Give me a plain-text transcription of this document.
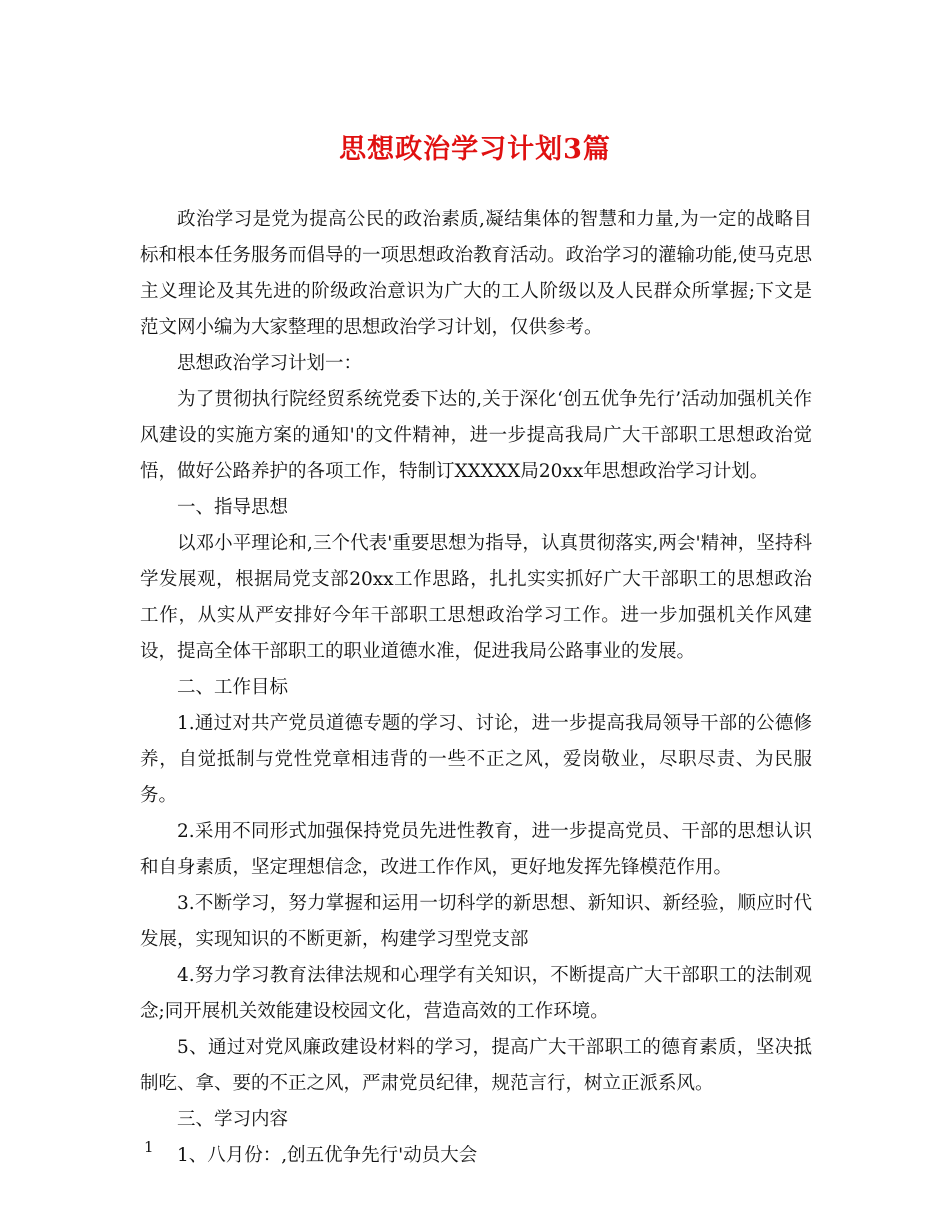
思想政治学习计划3篇

政治学习是党为提高公民的政治素质,凝结集体的智慧和力量,为一定的战略目标和根本任务服务而倡导的一项思想政治教育活动。政治学习的灌输功能,使马克思主义理论及其先进的阶级政治意识为广大的工人阶级以及人民群众所掌握;下文是范文网小编为大家整理的思想政治学习计划，仅供参考。

思想政治学习计划一：

为了贯彻执行院经贸系统党委下达的,关于深化‘创五优争先行’活动加强机关作风建设的实施方案的通知'的文件精神，进一步提高我局广大干部职工思想政治觉悟，做好公路养护的各项工作，特制订XXXXX局20xx年思想政治学习计划。

一、指导思想

以邓小平理论和,三个代表'重要思想为指导，认真贯彻落实,两会'精神，坚持科学发展观，根据局党支部20xx工作思路，扎扎实实抓好广大干部职工的思想政治工作，从实从严安排好今年干部职工思想政治学习工作。进一步加强机关作风建设，提高全体干部职工的职业道德水准，促进我局公路事业的发展。

二、工作目标

1.通过对共产党员道德专题的学习、讨论，进一步提高我局领导干部的公德修养，自觉抵制与党性党章相违背的一些不正之风，爱岗敬业，尽职尽责、为民服务。

2.采用不同形式加强保持党员先进性教育，进一步提高党员、干部的思想认识和自身素质，坚定理想信念，改进工作作风，更好地发挥先锋模范作用。

3.不断学习，努力掌握和运用一切科学的新思想、新知识、新经验，顺应时代发展，实现知识的不断更新，构建学习型党支部

4.努力学习教育法律法规和心理学有关知识，不断提高广大干部职工的法制观念;同开展机关效能建设校园文化，营造高效的工作环境。

5、通过对党风廉政建设材料的学习，提高广大干部职工的德育素质，坚决抵制吃、拿、要的不正之风，严肃党员纪律，规范言行，树立正派系风。

三、学习内容

1、八月份：,创五优争先行'动员大会

1
